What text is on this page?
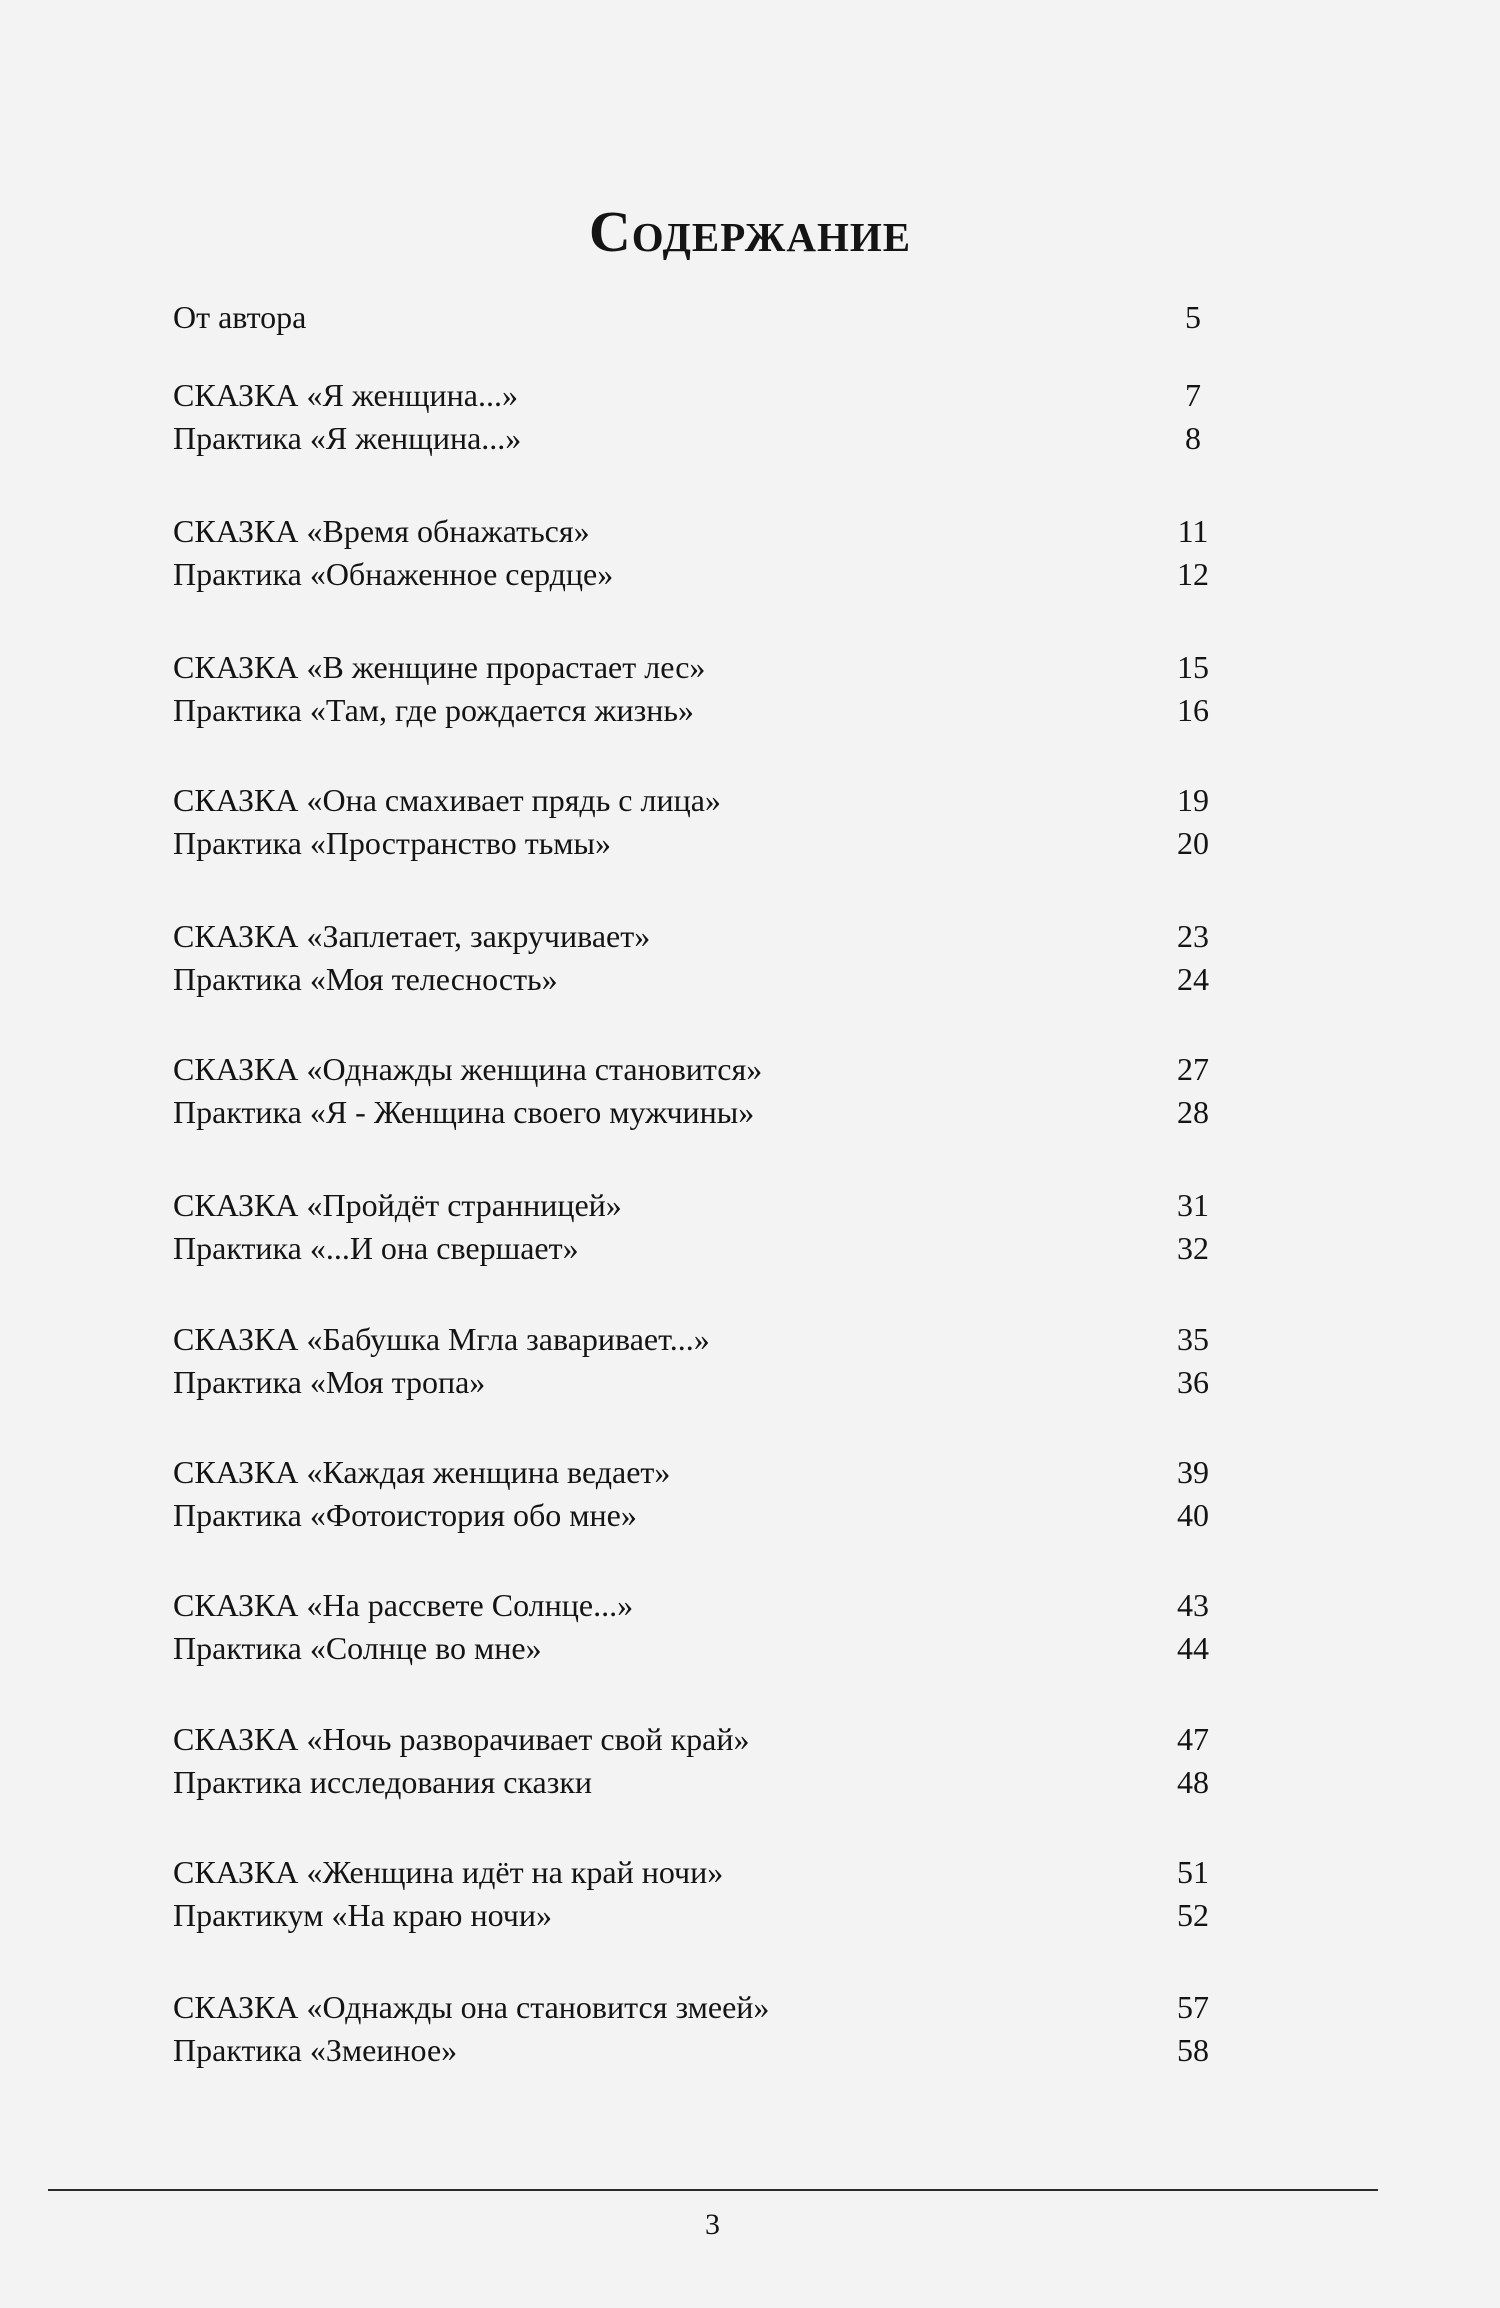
Содержание
От автора	5
СКАЗКА «Я женщина...»	7
Практика «Я женщина...»	8
СКАЗКА «Время обнажаться»	11
Практика «Обнаженное сердце»	12
СКАЗКА «В женщине прорастает лес»	15
Практика «Там, где рождается жизнь»	16
СКАЗКА «Она смахивает прядь с лица»	19
Практика «Пространство тьмы»	20
СКАЗКА «Заплетает, закручивает»	23
Практика «Моя телесность»	24
СКАЗКА «Однажды женщина становится»	27
Практика «Я - Женщина своего мужчины»	28
СКАЗКА «Пройдёт странницей»	31
Практика «...И она свершает»	32
СКАЗКА «Бабушка Мгла заваривает...»	35
Практика «Моя тропа»	36
СКАЗКА «Каждая женщина ведает»	39
Практика «Фотоистория обо мне»	40
СКАЗКА «На рассвете Солнце...»	43
Практика «Солнце во мне»	44
СКАЗКА «Ночь разворачивает свой край»	47
Практика исследования сказки	48
СКАЗКА «Женщина идёт на край ночи»	51
Практикум «На краю ночи»	52
СКАЗКА «Однажды она становится змеей»	57
Практика «Змеиное»	58
3
